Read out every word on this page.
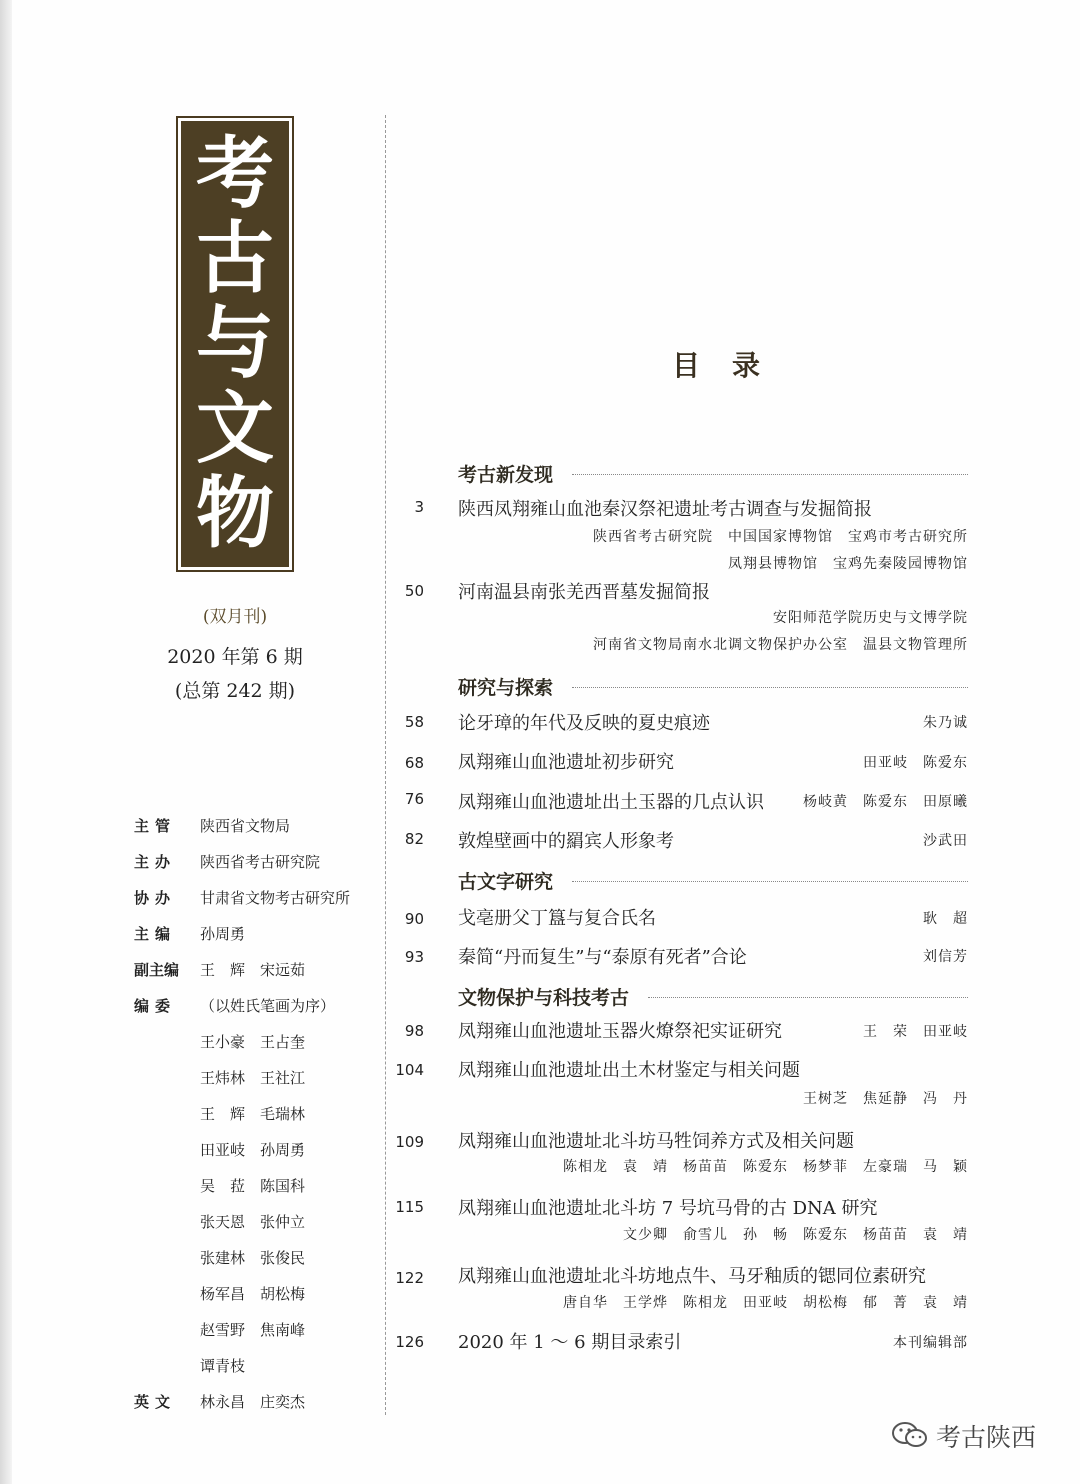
考
古
与
文
物
(双月刊)
2020 年第 6 期
(总第 242 期)
主管	陕西省文物局
主办	陕西省考古研究院
协办	甘肃省文物考古研究所
主编	孙周勇
副主编	王　辉　宋远茹
编委	（以姓氏笔画为序）
王小豪　王占奎
王炜林　王社江
王　辉　毛瑞林
田亚岐　孙周勇
吴　菈　陈国科
张天恩　张仲立
张建林　张俊民
杨军昌　胡松梅
赵雪野　焦南峰
谭青枝
英文	林永昌　庄奕杰
目录
考古新发现
3 陕西凤翔雍山血池秦汉祭祀遗址考古调查与发掘简报
陕西省考古研究院　中国国家博物馆　宝鸡市考古研究所
凤翔县博物馆　宝鸡先秦陵园博物馆
50 河南温县南张羌西晋墓发掘简报
安阳师范学院历史与文博学院
河南省文物局南水北调文物保护办公室　温县文物管理所
研究与探索
58 论牙璋的年代及反映的夏史痕迹	朱乃诚
68 凤翔雍山血池遗址初步研究	田亚岐　陈爱东
76 凤翔雍山血池遗址出土玉器的几点认识	杨岐黄　陈爱东　田原曦
82 敦煌壁画中的羂宾人形象考	沙武田
古文字研究
90 戈亳册父丁簋与复合氏名	耿　超
93 秦简“丹而复生”与“泰原有死者”合论	刘信芳
文物保护与科技考古
98 凤翔雍山血池遗址玉器火燎祭祀实证研究	王　荣　田亚岐
104 凤翔雍山血池遗址出土木材鉴定与相关问题
王树芝　焦延静　冯　丹
109 凤翔雍山血池遗址北斗坊马牲饲养方式及相关问题
陈相龙　袁　靖　杨苗苗　陈爱东　杨梦菲　左豪瑞　马　颖
115 凤翔雍山血池遗址北斗坊 7 号坑马骨的古 DNA 研究
文少卿　俞雪儿　孙　畅　陈爱东　杨苗苗　袁　靖
122 凤翔雍山血池遗址北斗坊地点牛、马牙釉质的锶同位素研究
唐自华　王学烨　陈相龙　田亚岐　胡松梅　郁　菁　袁　靖
126 2020 年 1 ～ 6 期目录索引	本刊编辑部
考古陕西
